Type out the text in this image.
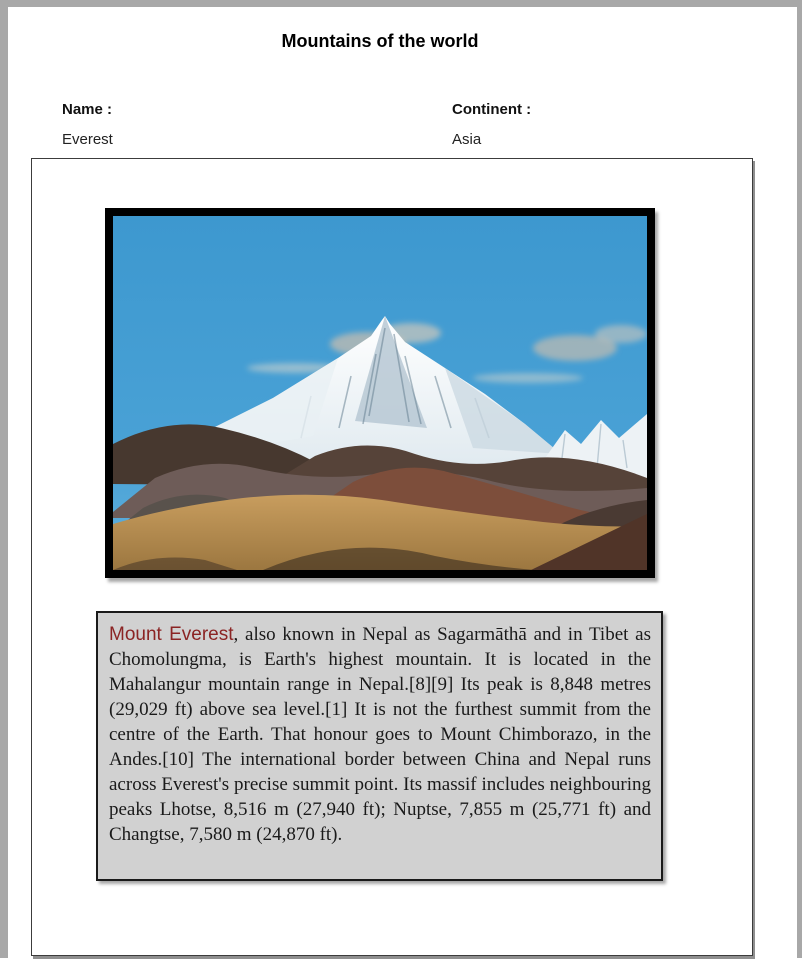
Mountains of the world
Name :
Everest
Continent :
Asia
Mount Everest, also known in Nepal as Sagarmāthā and in Tibet as Chomolungma, is Earth's highest mountain. It is located in the Mahalangur mountain range in Nepal.[8][9] Its peak is 8,848 metres (29,029 ft) above sea level.[1] It is not the furthest summit from the centre of the Earth. That honour goes to Mount Chimborazo, in the Andes.[10] The international border between China and Nepal runs across Everest's precise summit point. Its massif includes neighbouring peaks Lhotse, 8,516 m (27,940 ft); Nuptse, 7,855 m (25,771 ft) and Changtse, 7,580 m (24,870 ft).
